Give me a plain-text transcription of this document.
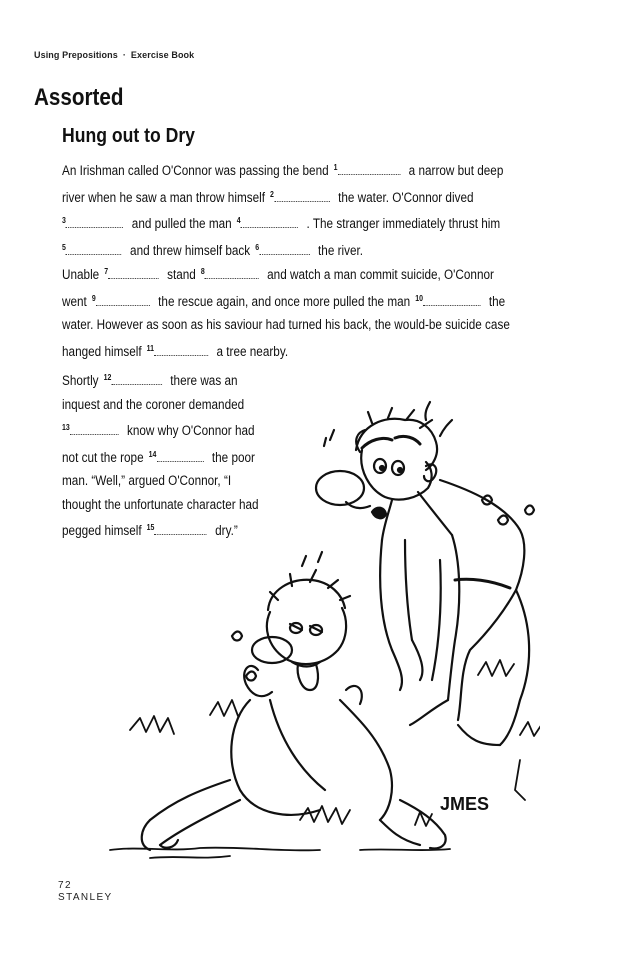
Using Prepositions · Exercise Book
Assorted
Hung out to Dry
An Irishman called O'Connor was passing the bend $^1$	a narrow but deep
river when he saw a man throw himself $^2$	the water. O'Connor dived
$^3$	and pulled the man $^4$	. The stranger immediately thrust him
$^5$	and threw himself back $^6$	the river.
Unable $^7$	stand $^8$	and watch a man commit suicide, O'Connor
went $^9$	the rescue again, and once more pulled the man $^{10}$	the
water. However as soon as his saviour had turned his back, the would-be suicide case
hanged himself $^{11}$	a tree nearby.
Shortly $^{12}$	there was an
inquest and the coroner demanded
$^{13}$	know why O'Connor had
not cut the rope $^{14}$	the poor
man. “Well,” argued O'Connor, “I
thought the unfortunate character had
pegged himself $^{15}$	dry.”
JMES
72
STANLEY
